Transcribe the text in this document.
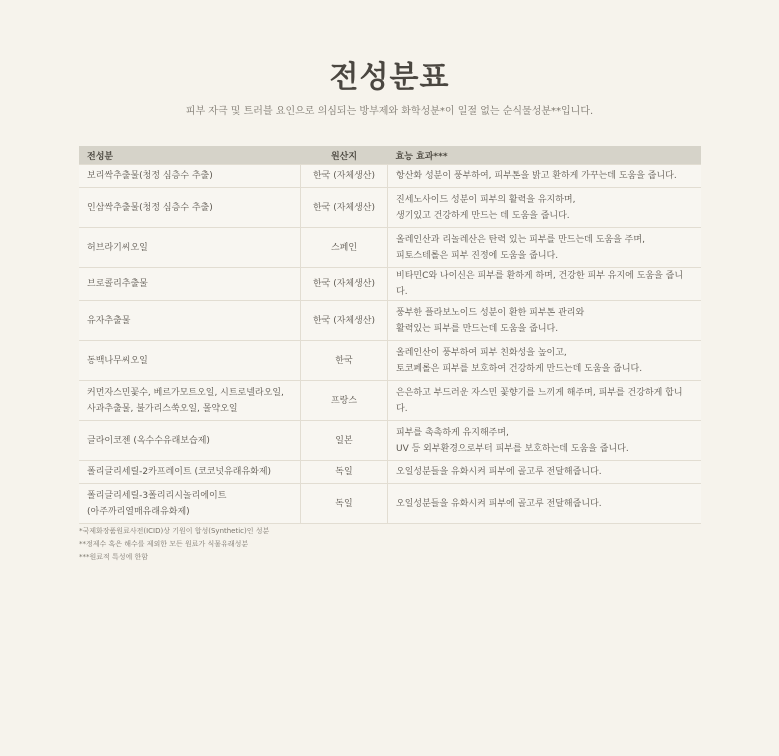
전성분표
피부 자극 및 트러블 요인으로 의심되는 방부제와 화학성분*이 일절 없는 순식물성분**입니다.
전성분	원산지	효능 효과***

보리싹추출물(청정 심층수 추출)	한국 (자체생산)	항산화 성분이 풍부하여, 피부톤을 밝고 환하게 가꾸는데 도움을 줍니다.

인삼싹추출물(청정 심층수 추출)	한국 (자체생산)	진세노사이드 성분이 피부의 활력을 유지하며,
생기있고 건강하게 만드는 데 도움을 줍니다.

허브라기씨오일	스페인	올레인산과 리놀레산은 탄력 있는 피부를 만드는데 도움을 주며,
피토스테롤은 피부 진정에 도움을 줍니다.

브로콜리추출물	한국 (자체생산)	비타민C와 나이신은 피부를 환하게 하며, 건강한 피부 유지에 도움을 줍니다.

유자추출물	한국 (자체생산)	풍부한 플라보노이드 성분이 환한 피부톤 관리와
활력있는 피부를 만드는데 도움을 줍니다.

동백나무씨오일	한국	올레인산이 풍부하여 피부 친화성을 높이고,
토코페롤은 피부를 보호하여 건강하게 만드는데 도움을 줍니다.

커먼자스민꽃수, 베르가모트오일, 시트로넬라오일,
사과추출물, 불가리스쑥오일, 몰약오일	프랑스	은은하고 부드러운 자스민 꽃향기를 느끼게 해주며, 피부를 건강하게 합니다.

글라이코젠 (옥수수유래보습제)	일본	피부를 촉촉하게 유지해주며,
UV 등 외부환경으로부터 피부를 보호하는데 도움을 줍니다.

폴리글리세릴-2카프레이트 (코코넛유래유화제)	독일	오일성분들을 유화시켜 피부에 골고루 전달해줍니다.

폴리글리세릴-3폴리리시놀리에이트
(아주까리열매유래유화제)	독일	오일성분들을 유화시켜 피부에 골고루 전달해줍니다.
*국제화장품원료사전(ICID)상 기원이 합성(Synthetic)인 성분
**정제수 혹은 해수를 제외한 모든 원료가 식물유래성분
***원료적 특성에 한함
